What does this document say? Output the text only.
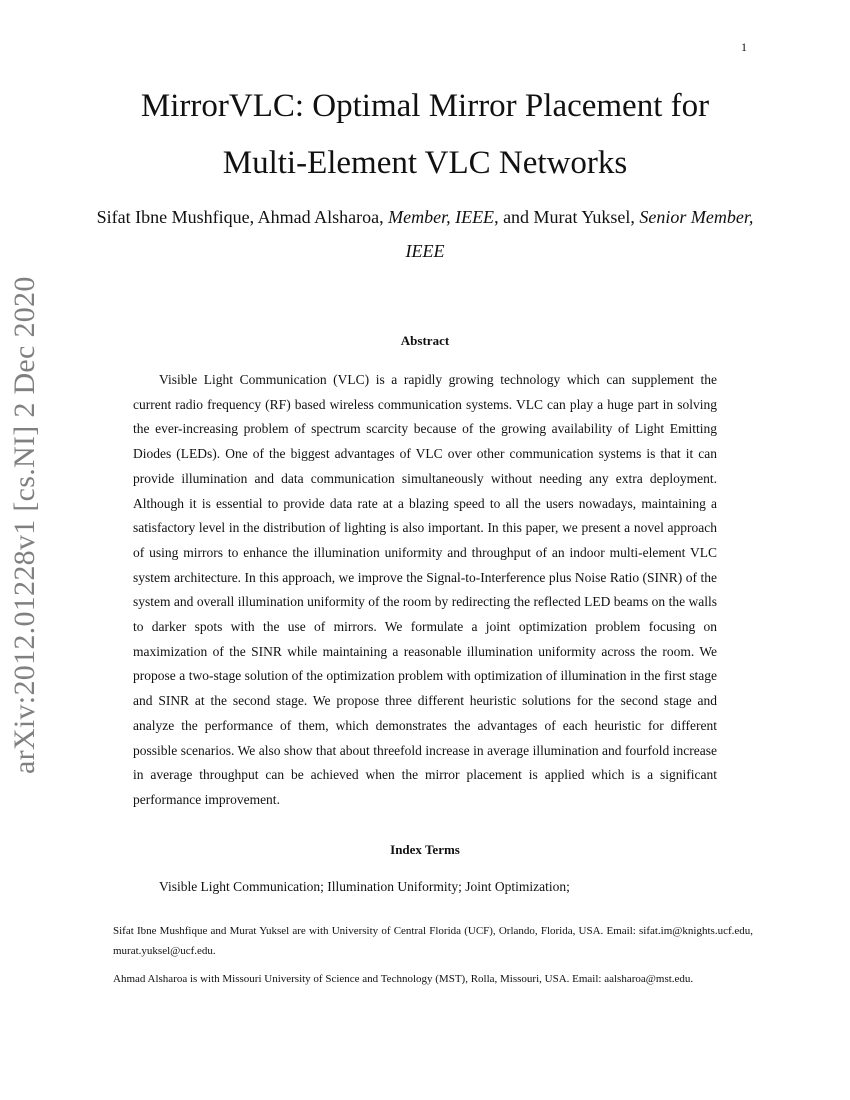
1
arXiv:2012.01228v1 [cs.NI] 2 Dec 2020
MirrorVLC: Optimal Mirror Placement for
Multi-Element VLC Networks
Sifat Ibne Mushfique, Ahmad Alsharoa, Member, IEEE, and Murat Yuksel, Senior Member, IEEE
Abstract

Visible Light Communication (VLC) is a rapidly growing technology which can supplement the current radio frequency (RF) based wireless communication systems. VLC can play a huge part in solving the ever-increasing problem of spectrum scarcity because of the growing availability of Light Emitting Diodes (LEDs). One of the biggest advantages of VLC over other communication systems is that it can provide illumination and data communication simultaneously without needing any extra deployment. Although it is essential to provide data rate at a blazing speed to all the users nowadays, maintaining a satisfactory level in the distribution of lighting is also important. In this paper, we present a novel approach of using mirrors to enhance the illumination uniformity and throughput of an indoor multi-element VLC system architecture. In this approach, we improve the Signal-to-Interference plus Noise Ratio (SINR) of the system and overall illumination uniformity of the room by redirecting the reflected LED beams on the walls to darker spots with the use of mirrors. We formulate a joint optimization problem focusing on maximization of the SINR while maintaining a reasonable illumination uniformity across the room. We propose a two-stage solution of the optimization problem with optimization of illumination in the first stage and SINR at the second stage. We propose three different heuristic solutions for the second stage and analyze the performance of them, which demonstrates the advantages of each heuristic for different possible scenarios. We also show that about threefold increase in average illumination and fourfold increase in average throughput can be achieved when the mirror placement is applied which is a significant performance improvement.

Index Terms

Visible Light Communication; Illumination Uniformity; Joint Optimization;

Sifat Ibne Mushfique and Murat Yuksel are with University of Central Florida (UCF), Orlando, Florida, USA. Email: sifat.im@knights.ucf.edu, murat.yuksel@ucf.edu.

Ahmad Alsharoa is with Missouri University of Science and Technology (MST), Rolla, Missouri, USA. Email: aalsharoa@mst.edu.
